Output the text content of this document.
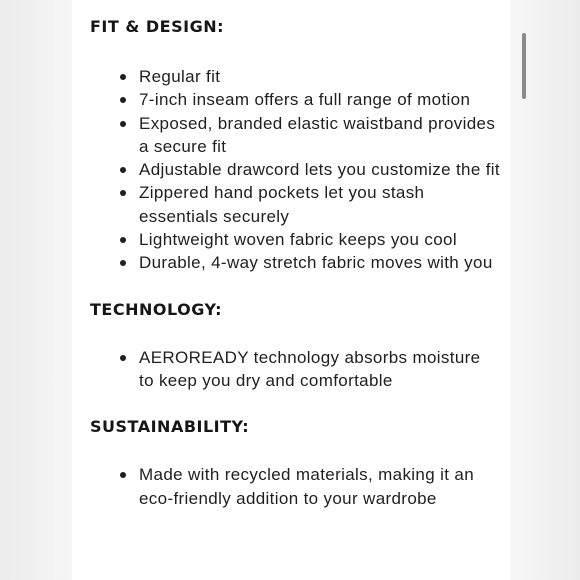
FIT & DESIGN:
Regular fit
7-inch inseam offers a full range of motion
Exposed, branded elastic waistband provides a secure fit
Adjustable drawcord lets you customize the fit
Zippered hand pockets let you stash essentials securely
Lightweight woven fabric keeps you cool
Durable, 4-way stretch fabric moves with you
TECHNOLOGY:
AEROREADY technology absorbs moisture to keep you dry and comfortable
SUSTAINABILITY:
Made with recycled materials, making it an eco-friendly addition to your wardrobe
